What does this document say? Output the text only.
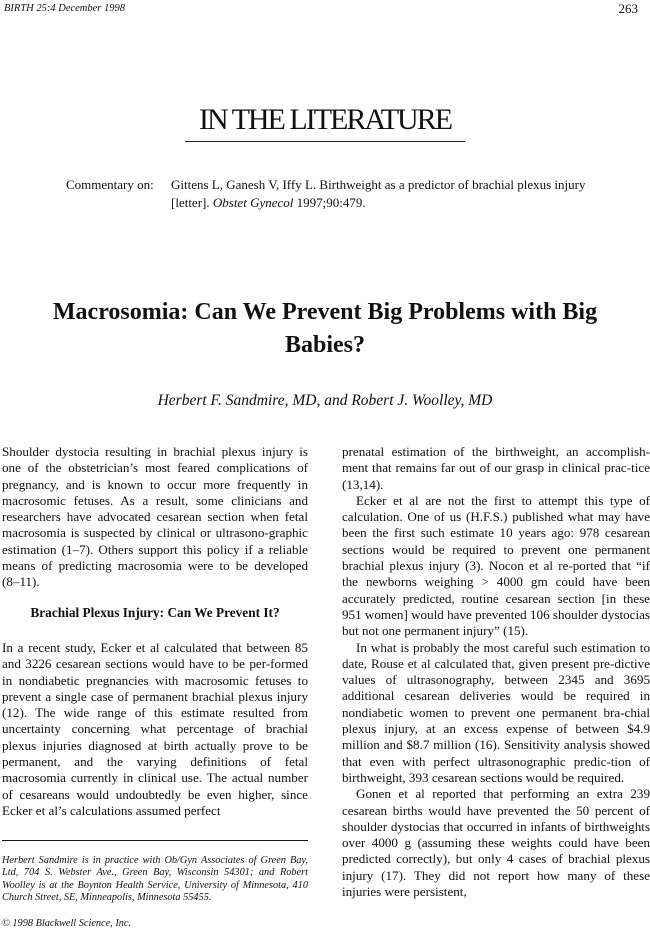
BIRTH 25:4 December 1998	263
IN THE LITERATURE
Commentary on: Gittens L, Ganesh V, Iffy L. Birthweight as a predictor of brachial plexus injury [letter]. Obstet Gynecol 1997;90:479.
Macrosomia: Can We Prevent Big Problems with Big Babies?
Herbert F. Sandmire, MD, and Robert J. Woolley, MD

Shoulder dystocia resulting in brachial plexus injury is one of the obstetrician’s most feared complications of pregnancy, and is known to occur more frequently in macrosomic fetuses. As a result, some clinicians and researchers have advocated cesarean section when fetal macrosomia is suspected by clinical or ultrasono-graphic estimation (1–7). Others support this policy if a reliable means of predicting macrosomia were to be developed (8–11).

Brachial Plexus Injury: Can We Prevent It?

In a recent study, Ecker et al calculated that between 85 and 3226 cesarean sections would have to be per-formed in nondiabetic pregnancies with macrosomic fetuses to prevent a single case of permanent brachial plexus injury (12). The wide range of this estimate resulted from uncertainty concerning what percentage of brachial plexus injuries diagnosed at birth actually prove to be permanent, and the varying definitions of fetal macrosomia currently in clinical use. The actual number of cesareans would undoubtedly be even higher, since Ecker et al’s calculations assumed perfect

prenatal estimation of the birthweight, an accomplish-ment that remains far out of our grasp in clinical prac-tice (13,14).

Ecker et al are not the first to attempt this type of calculation. One of us (H.F.S.) published what may have been the first such estimate 10 years ago: 978 cesarean sections would be required to prevent one permanent brachial plexus injury (3). Nocon et al re-ported that “if the newborns weighing > 4000 gm could have been accurately predicted, routine cesarean section [in these 951 women] would have prevented 106 shoulder dystocias but not one permanent injury” (15).

In what is probably the most careful such estimation to date, Rouse et al calculated that, given present pre-dictive values of ultrasonography, between 2345 and 3695 additional cesarean deliveries would be required in nondiabetic women to prevent one permanent bra-chial plexus injury, at an excess expense of between $4.9 million and $8.7 million (16). Sensitivity analysis showed that even with perfect ultrasonographic predic-tion of birthweight, 393 cesarean sections would be required.

Gonen et al reported that performing an extra 239 cesarean births would have prevented the 50 percent of shoulder dystocias that occurred in infants of birthweights over 4000 g (assuming these weights could have been predicted correctly), but only 4 cases of brachial plexus injury (17). They did not report how many of these injuries were persistent,

Herbert Sandmire is in practice with Ob/Gyn Associates of Green Bay, Ltd, 704 S. Webster Ave., Green Bay, Wisconsin 54301; and Robert Woolley is at the Boynton Health Service, University of Minnesota, 410 Church Street, SE, Minneapolis, Minnesota 55455.
© 1998 Blackwell Science, Inc.
